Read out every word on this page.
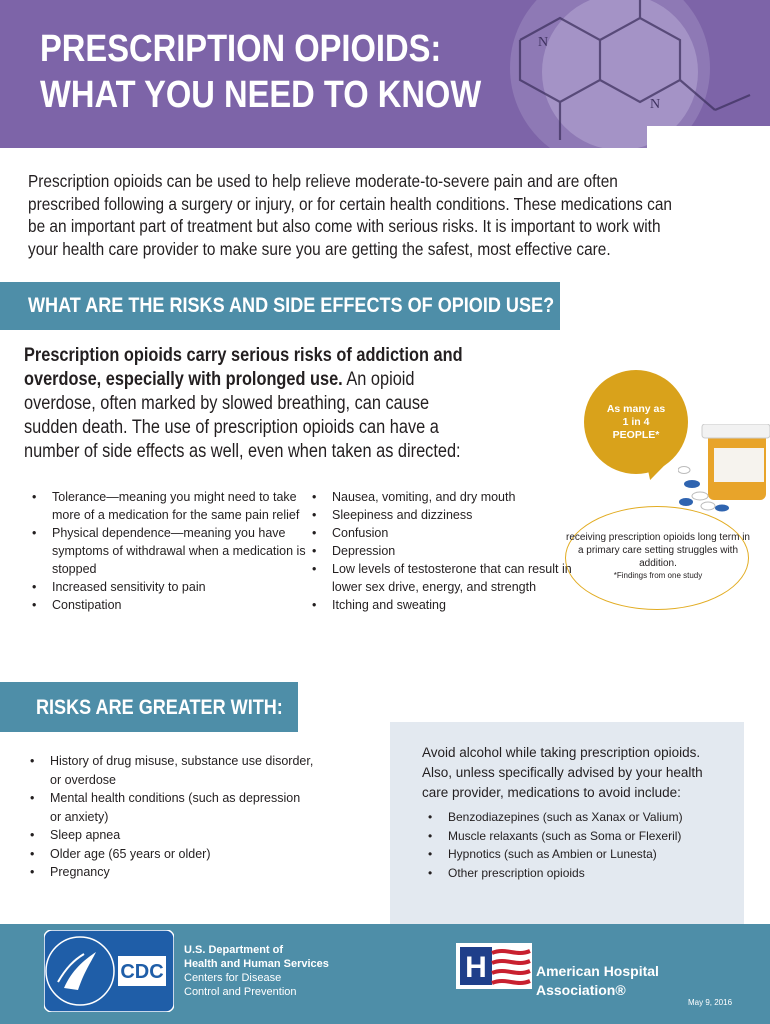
N
N
PRESCRIPTION OPIOIDS:
WHAT YOU NEED TO KNOW

Prescription opioids can be used to help relieve moderate-to-severe pain and are often prescribed following a surgery or injury, or for certain health conditions. These medications can be an important part of treatment but also come with serious risks. It is important to work with your health care provider to make sure you are getting the safest, most effective care.

WHAT ARE THE RISKS AND SIDE EFFECTS OF OPIOID USE?

Prescription opioids carry serious risks of addiction and overdose, especially with prolonged use. An opioid overdose, often marked by slowed breathing, can cause sudden death. The use of prescription opioids can have a number of side effects as well, even when taken as directed:

• Tolerance—meaning you might need to take more of a medication for the same pain relief
• Physical dependence—meaning you have symptoms of withdrawal when a medication is stopped
• Increased sensitivity to pain
• Constipation
• Nausea, vomiting, and dry mouth
• Sleepiness and dizziness
• Confusion
• Depression
• Low levels of testosterone that can result in lower sex drive, energy, and strength
• Itching and sweating
As many as
1 in 4
PEOPLE*
receiving prescription opioids long term in a primary care setting struggles with addition.
*Findings from one study
RISKS ARE GREATER WITH:
• History of drug misuse, substance use disorder, or overdose
• Mental health conditions (such as depression or anxiety)
• Sleep apnea
• Older age (65 years or older)
• Pregnancy

Avoid alcohol while taking prescription opioids. Also, unless specifically advised by your health care provider, medications to avoid include:

• Benzodiazepines (such as Xanax or Valium)
• Muscle relaxants (such as Soma or Flexeril)
• Hypnotics (such as Ambien or Lunesta)
• Other prescription opioids
CDC
U.S. Department of
Health and Human Services
Centers for Disease
Control and Prevention
H	American Hospital
Association®
May 9, 2016
